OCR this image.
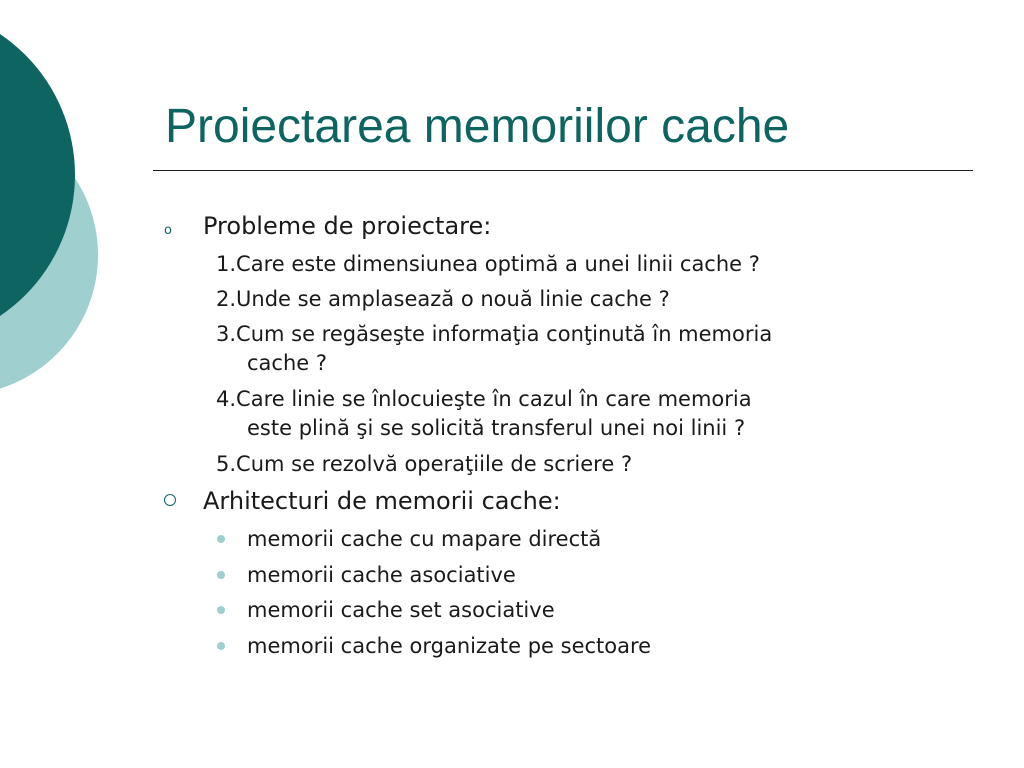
Proiectarea memoriilor cache
o Probleme de proiectare:
1.Care este dimensiunea optimă a unei linii cache ?
2.Unde se amplasează o nouă linie cache ?
3.Cum se regăseşte informaţia conţinută în memoria
cache ?
4.Care linie se înlocuieşte în cazul în care memoria
este plină şi se solicită transferul unei noi linii ?
5.Cum se rezolvă operaţiile de scriere ?
Arhitecturi de memorii cache:
memorii cache cu mapare directă
memorii cache asociative
memorii cache set asociative
memorii cache organizate pe sectoare
